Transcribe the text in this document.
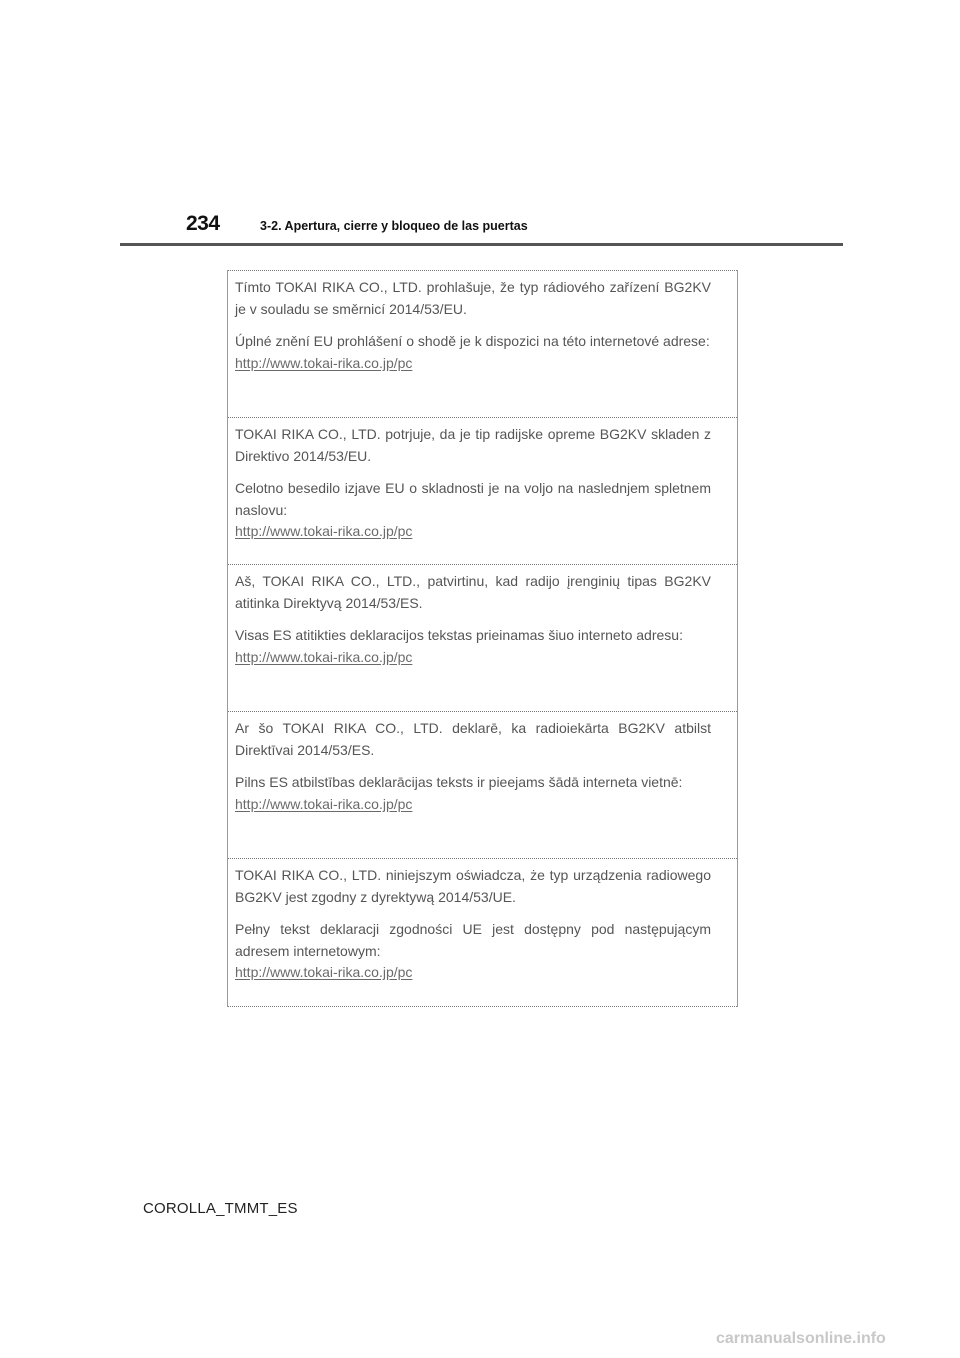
234	3-2. Apertura, cierre y bloqueo de las puertas

Tímto TOKAI RIKA CO., LTD. prohlašuje, že typ rádiového zařízení BG2KV je v souladu se směrnicí 2014/53/EU.

Úplné znění EU prohlášení o shodě je k dispozici na této internetové adrese:
http://www.tokai-rika.co.jp/pc

TOKAI RIKA CO., LTD. potrjuje, da je tip radijske opreme BG2KV skladen z Direktivo 2014/53/EU.

Celotno besedilo izjave EU o skladnosti je na voljo na naslednjem spletnem naslovu:
http://www.tokai-rika.co.jp/pc

Aš, TOKAI RIKA CO., LTD., patvirtinu, kad radijo įrenginių tipas BG2KV atitinka Direktyvą 2014/53/ES.

Visas ES atitikties deklaracijos tekstas prieinamas šiuo interneto adresu:
http://www.tokai-rika.co.jp/pc

Ar šo TOKAI RIKA CO., LTD. deklarē, ka radioiekārta BG2KV atbilst Direktīvai 2014/53/ES.

Pilns ES atbilstības deklarācijas teksts ir pieejams šādā interneta vietnē:
http://www.tokai-rika.co.jp/pc

TOKAI RIKA CO., LTD. niniejszym oświadcza, że typ urządzenia radiowego BG2KV jest zgodny z dyrektywą 2014/53/UE.

Pełny tekst deklaracji zgodności UE jest dostępny pod następującym adresem internetowym:
http://www.tokai-rika.co.jp/pc

COROLLA_TMMT_ES
carmanualsonline.info
